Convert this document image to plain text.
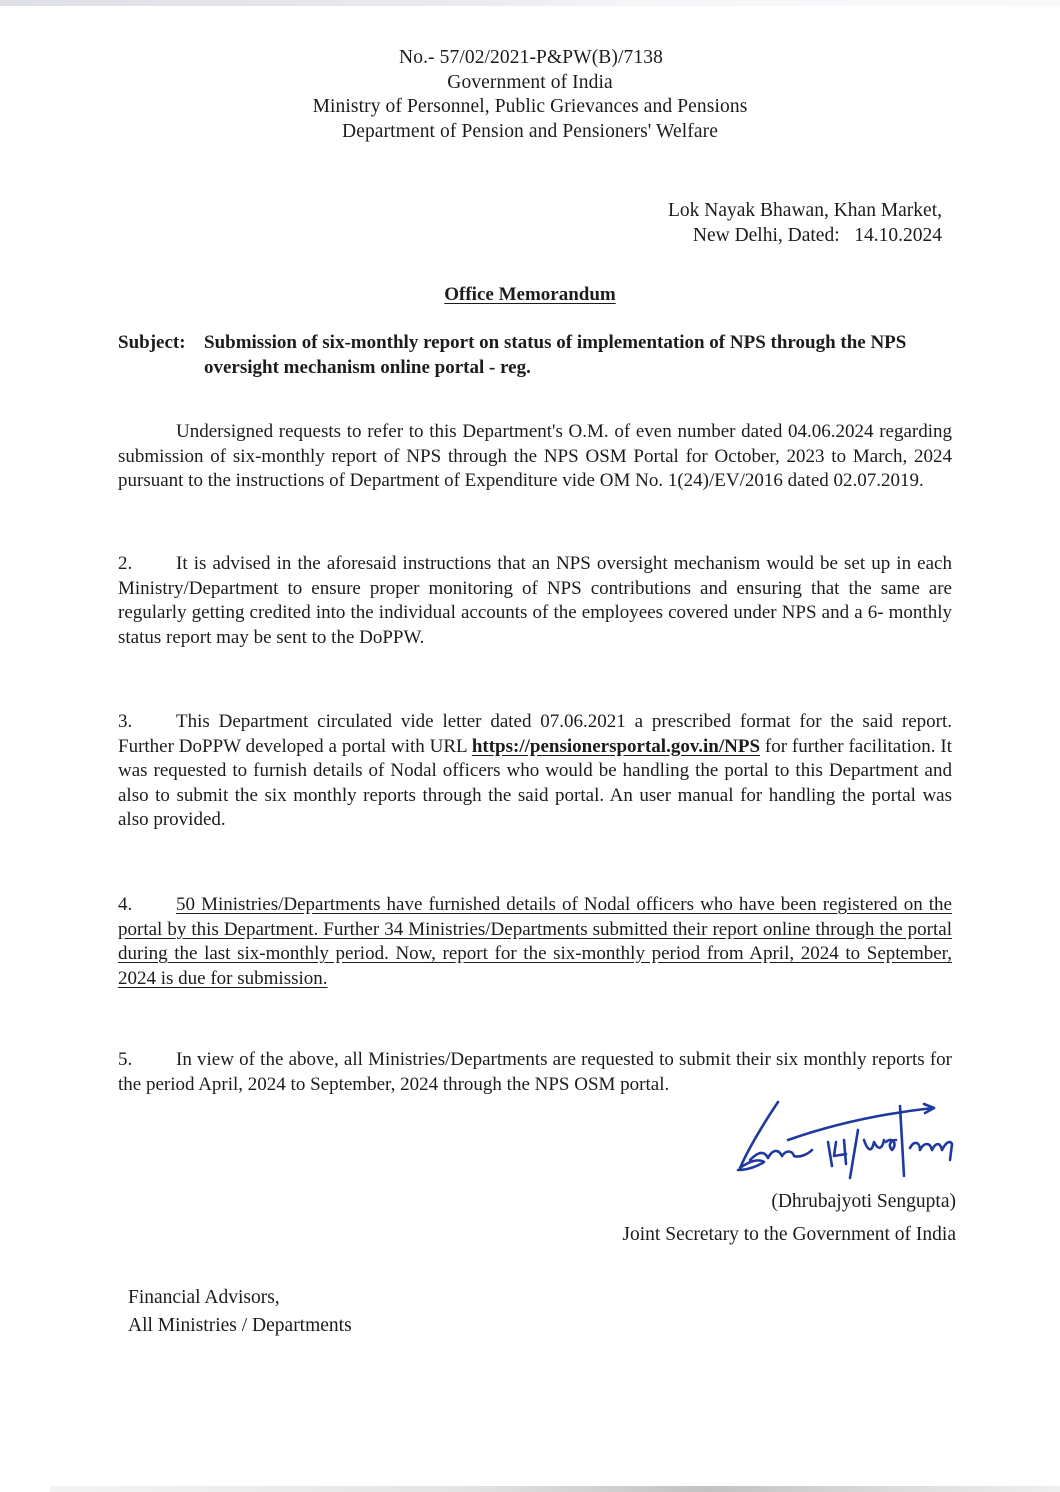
No.- 57/02/2021-P&PW(B)/7138
Government of India
Ministry of Personnel, Public Grievances and Pensions
Department of Pension and Pensioners' Welfare
Lok Nayak Bhawan, Khan Market,
New Delhi, Dated: 14.10.2024
Office Memorandum
Subject: Submission of six-monthly report on status of implementation of NPS through the NPS oversight mechanism online portal - reg.
Undersigned requests to refer to this Department's O.M. of even number dated 04.06.2024 regarding submission of six-monthly report of NPS through the NPS OSM Portal for October, 2023 to March, 2024 pursuant to the instructions of Department of Expenditure vide OM No. 1(24)/EV/2016 dated 02.07.2019.
2. It is advised in the aforesaid instructions that an NPS oversight mechanism would be set up in each Ministry/Department to ensure proper monitoring of NPS contributions and ensuring that the same are regularly getting credited into the individual accounts of the employees covered under NPS and a 6- monthly status report may be sent to the DoPPW.
3. This Department circulated vide letter dated 07.06.2021 a prescribed format for the said report. Further DoPPW developed a portal with URL https://pensionersportal.gov.in/NPS for further facilitation. It was requested to furnish details of Nodal officers who would be handling the portal to this Department and also to submit the six monthly reports through the said portal. An user manual for handling the portal was also provided.
4. 50 Ministries/Departments have furnished details of Nodal officers who have been registered on the portal by this Department. Further 34 Ministries/Departments submitted their report online through the portal during the last six-monthly period. Now, report for the six-monthly period from April, 2024 to September, 2024 is due for submission.
5. In view of the above, all Ministries/Departments are requested to submit their six monthly reports for the period April, 2024 to September, 2024 through the NPS OSM portal.
(Dhrubajyoti Sengupta)
Joint Secretary to the Government of India
Financial Advisors,
All Ministries / Departments
